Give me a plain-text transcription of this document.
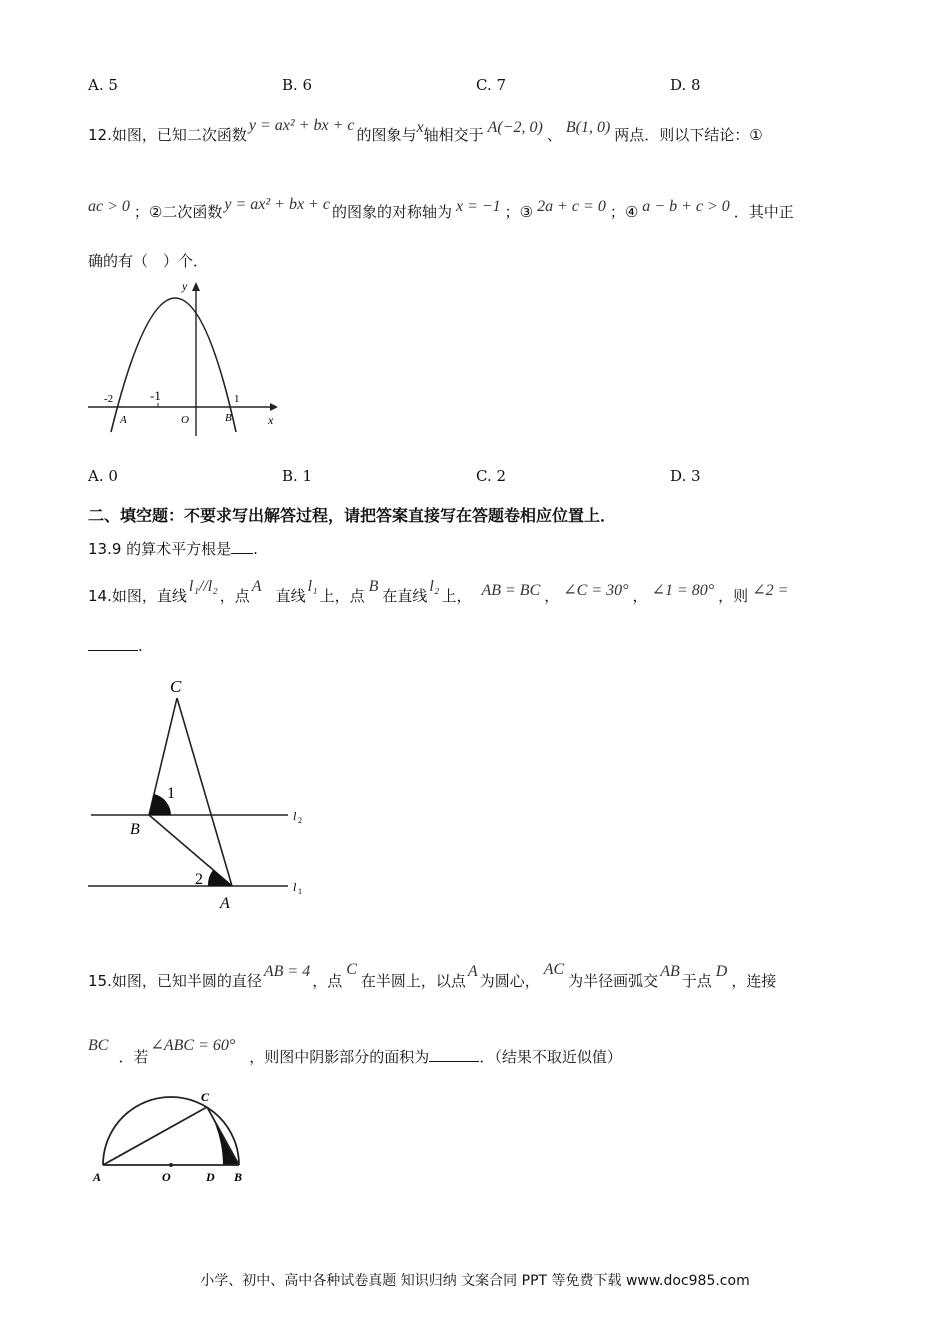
A. 5	B. 6	C. 7	D. 8
12.如图，已知二次函数y = ax² + bx + c的图象与x轴相交于 A(−2, 0) 、 B(1, 0) 两点．则以下结论：①
ac > 0 ；②二次函数 y = ax² + bx + c 的图象的对称轴为 x = −1 ；③ 2a + c = 0 ；④ a − b + c > 0 ．其中正
确的有（　）个．
y
x
-2	-1	1
A	O	B
A. 0	B. 1	C. 2	D. 3
二、填空题：不要求写出解答过程，请把答案直接写在答题卷相应位置上．
13.9 的算术平方根是 .
14.如图，直线l₁//l₂，点A直线l₁上，点B在直线l₂上， AB = BC ， ∠C = 30° ， ∠1 = 80° ，则 ∠2 =
.
C
B
A
1
2
l 2
l 1
15.如图，已知半圆的直径AB = 4，点C在半圆上，以点A为圆心，AC为半径画弧交AB于点D，连接
BC．若∠ABC = 60°，则图中阴影部分的面积为	．（结果不取近似值）
A	O	D B
C
小学、初中、高中各种试卷真题 知识归纳 文案合同 PPT 等免费下载 www.doc985.com
